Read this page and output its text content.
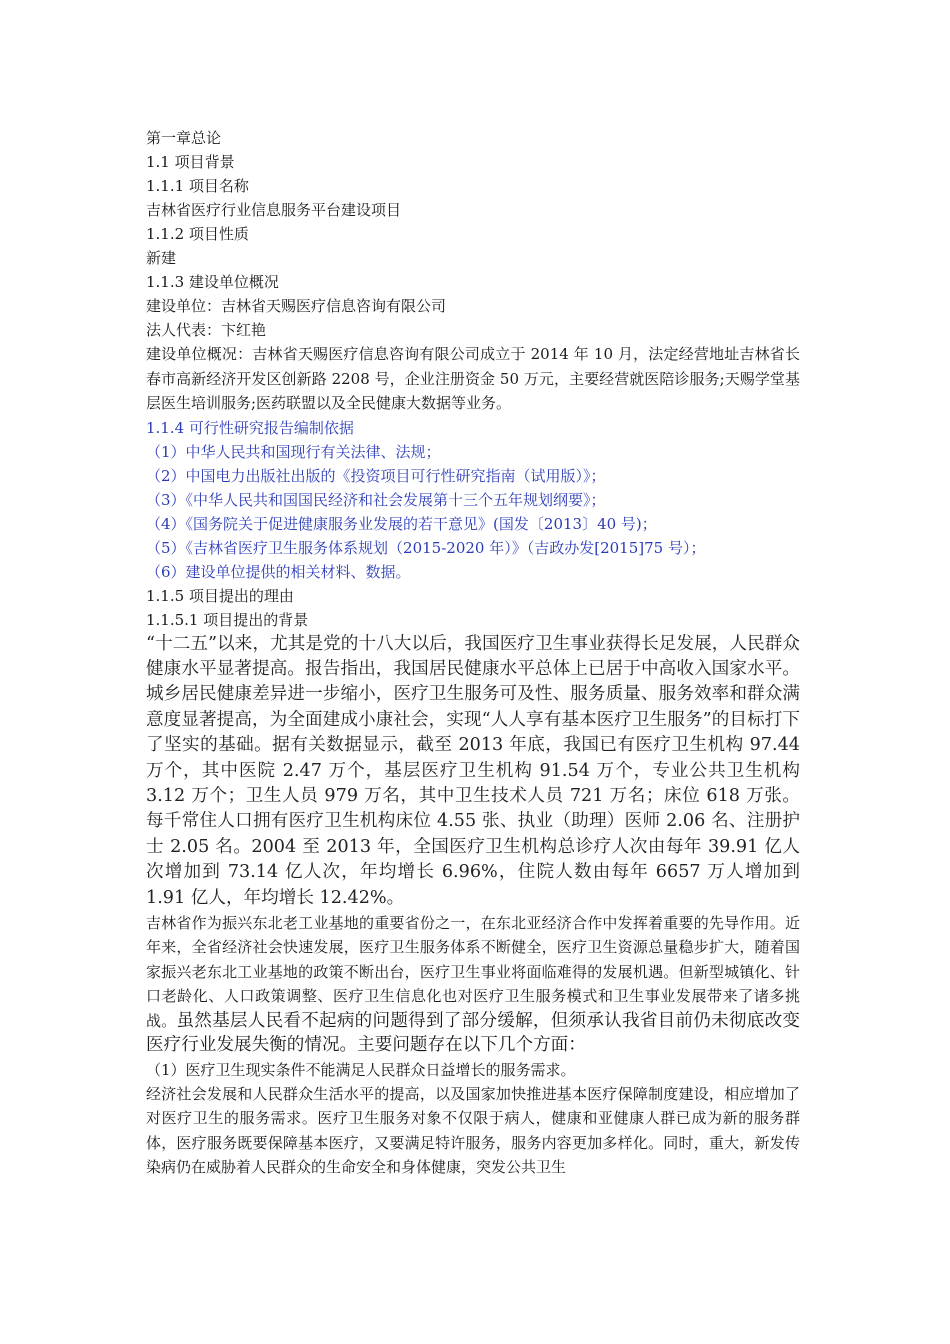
第一章总论

1.1 项目背景

1.1.1 项目名称

吉林省医疗行业信息服务平台建设项目

1.1.2 项目性质

新建

1.1.3 建设单位概况

建设单位：吉林省天赐医疗信息咨询有限公司

法人代表：卞红艳

建设单位概况：吉林省天赐医疗信息咨询有限公司成立于 2014 年 10 月，法定经营地址吉林省长春市高新经济开发区创新路 2208 号，企业注册资金 50 万元，主要经营就医陪诊服务;天赐学堂基层医生培训服务;医药联盟以及全民健康大数据等业务。

1.1.4 可行性研究报告编制依据

（1）中华人民共和国现行有关法律、法规；

（2）中国电力出版社出版的《投资项目可行性研究指南（试用版）》；

（3）《中华人民共和国国民经济和社会发展第十三个五年规划纲要》；

（4）《国务院关于促进健康服务业发展的若干意见》(国发〔2013〕40 号)；

（5）《吉林省医疗卫生服务体系规划（2015-2020 年）》（吉政办发[2015]75 号）；

（6）建设单位提供的相关材料、数据。

1.1.5 项目提出的理由

1.1.5.1 项目提出的背景

“十二五”以来，尤其是党的十八大以后，我国医疗卫生事业获得长足发展，人民群众健康水平显著提高。报告指出，我国居民健康水平总体上已居于中高收入国家水平。城乡居民健康差异进一步缩小，医疗卫生服务可及性、服务质量、服务效率和群众满意度显著提高，为全面建成小康社会，实现“人人享有基本医疗卫生服务”的目标打下了坚实的基础。据有关数据显示，截至 2013 年底，我国已有医疗卫生机构 97.44 万个，其中医院 2.47 万个，基层医疗卫生机构 91.54 万个，专业公共卫生机构 3.12 万个；卫生人员 979 万名，其中卫生技术人员 721 万名；床位 618 万张。每千常住人口拥有医疗卫生机构床位 4.55 张、执业（助理）医师 2.06 名、注册护士 2.05 名。2004 至 2013 年，全国医疗卫生机构总诊疗人次由每年 39.91 亿人次增加到 73.14 亿人次，年均增长 6.96%，住院人数由每年 6657 万人增加到 1.91 亿人，年均增长 12.42%。

吉林省作为振兴东北老工业基地的重要省份之一，在东北亚经济合作中发挥着重要的先导作用。近年来，全省经济社会快速发展，医疗卫生服务体系不断健全，医疗卫生资源总量稳步扩大，随着国家振兴老东北工业基地的政策不断出台，医疗卫生事业将面临难得的发展机遇。但新型城镇化、针口老龄化、人口政策调整、医疗卫生信息化也对医疗卫生服务模式和卫生事业发展带来了诸多挑战。虽然基层人民看不起病的问题得到了部分缓解，但须承认我省目前仍未彻底改变医疗行业发展失衡的情况。主要问题存在以下几个方面：

（1）医疗卫生现实条件不能满足人民群众日益增长的服务需求。

经济社会发展和人民群众生活水平的提高，以及国家加快推进基本医疗保障制度建设，相应增加了对医疗卫生的服务需求。医疗卫生服务对象不仅限于病人，健康和亚健康人群已成为新的服务群体，医疗服务既要保障基本医疗，又要满足特许服务，服务内容更加多样化。同时，重大，新发传染病仍在威胁着人民群众的生命安全和身体健康，突发公共卫生
